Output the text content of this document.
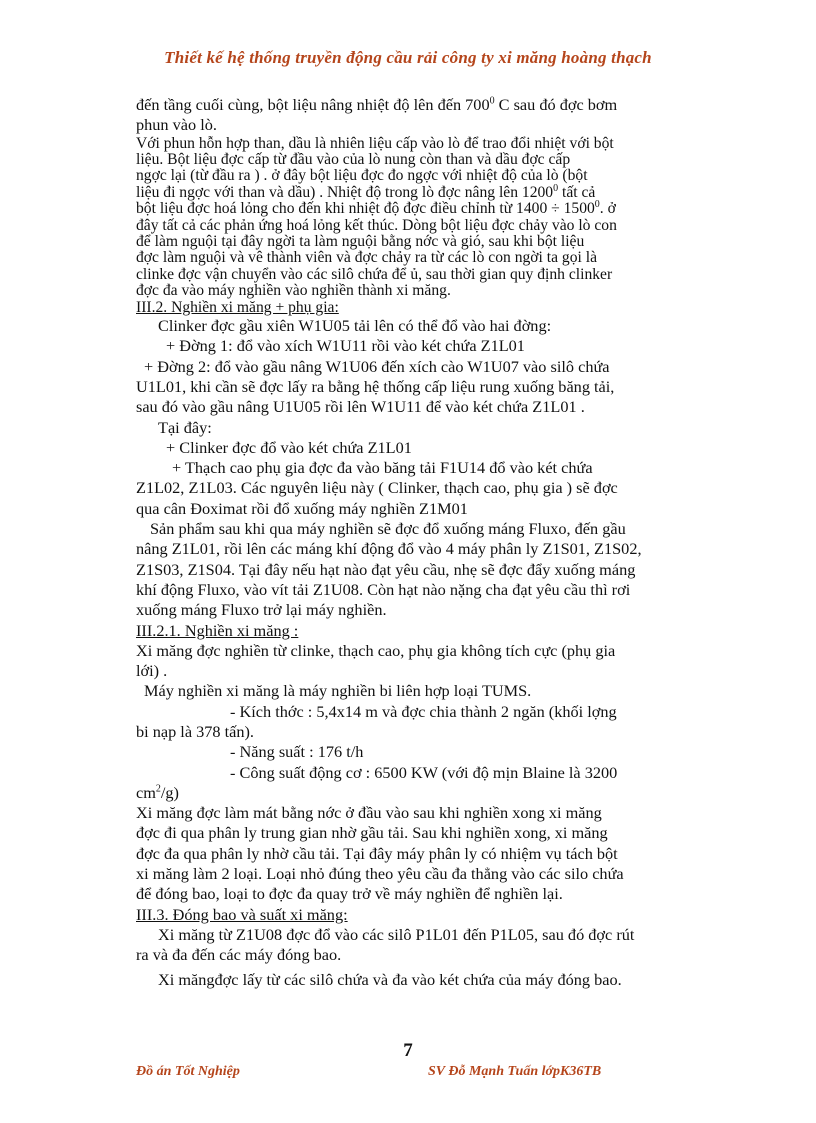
Thiết kế hệ thống truyền động cầu rải công ty xi măng hoàng thạch
đến tầng cuối cùng, bột liệu nâng nhiệt độ lên đến $700^0$ C sau đó đợc bơm
phun vào lò.
Với phun hỗn hợp than, dầu là nhiên liệu cấp vào lò để trao đổi nhiệt với bột
liệu. Bột liệu đợc cấp từ đầu vào của lò nung còn than và dầu đợc cấp
ngợc lại (từ đầu ra ) . ở đây bột liệu đợc đo ngợc với nhiệt độ của lò (bột
liệu đi ngợc với than và dầu) . Nhiệt độ trong lò đợc nâng lên 1200$^0$ tất cả
bột liệu đợc hoá lỏng cho đến khi nhiệt độ đợc điều chỉnh từ $1400 \div 1500^0$. ở
đây tất cả các phản ứng hoá lỏng kết thúc. Dòng bột liệu đợc chảy vào lò con
để làm nguội tại đây ngời ta làm nguội bằng nớc và gió, sau khi bột liệu
đợc làm nguội và vê thành viên và đợc chảy ra từ các lò con ngời ta gọi là
clinke đợc vận chuyển vào các silô chứa để ủ, sau thời gian quy định clinker
đợc đa vào máy nghiền vào nghiền thành xi măng.
III.2. Nghiền xi măng + phụ gia:
Clinker đợc gầu xiên W1U05 tải lên có thể đổ vào hai đờng:
+ Đờng 1: đổ vào xích W1U11 rồi vào két chứa Z1L01
+ Đờng 2: đổ vào gầu nâng W1U06 đến xích cào W1U07 vào silô chứa
U1L01, khi cần sẽ đợc lấy ra bằng hệ thống cấp liệu rung xuống băng tải,
sau đó vào gầu nâng U1U05 rồi lên W1U11 để vào két chứa Z1L01 .
Tại đây:
+ Clinker đợc đổ vào két chứa Z1L01
+ Thạch cao phụ gia đợc đa vào băng tải F1U14 đổ vào két chứa
Z1L02, Z1L03. Các nguyên liệu này ( Clinker, thạch cao, phụ gia ) sẽ đợc
qua cân Đoximat rồi đổ xuống máy nghiền Z1M01
Sản phẩm sau khi qua máy nghiền sẽ đợc đổ xuống máng Fluxo, đến gầu
nâng Z1L01, rồi lên các máng khí động đổ vào 4 máy phân ly Z1S01, Z1S02,
Z1S03, Z1S04. Tại đây nếu hạt nào đạt yêu cầu, nhẹ sẽ đợc đẩy xuống máng
khí động Fluxo, vào vít tải Z1U08. Còn hạt nào nặng cha đạt yêu cầu thì rơi
xuống máng Fluxo trở lại máy nghiền.
III.2.1. Nghiền xi măng :
Xi măng đợc nghiền từ clinke, thạch cao, phụ gia không tích cực (phụ gia
lới) .
Máy nghiền xi măng là máy nghiền bi liên hợp loại TUMS.
- Kích thớc : 5,4x14 m và đợc chia thành 2 ngăn (khối lợng
bi nạp là 378 tấn).
- Năng suất : 176 t/h
- Công suất động cơ : 6500 KW (với độ mịn Blaine là 3200
$cm^2/g$)
Xi măng đợc làm mát bằng nớc ở đầu vào sau khi nghiền xong xi măng
đợc đi qua phân ly trung gian nhờ gầu tải. Sau khi nghiền xong, xi măng
đợc đa qua phân ly nhờ cầu tải. Tại đây máy phân ly có nhiệm vụ tách bột
xi măng làm 2 loại. Loại nhỏ đúng theo yêu cầu đa thẳng vào các silo chứa
để đóng bao, loại to đợc đa quay trở về máy nghiền để nghiền lại.
III.3. Đóng bao và suất xi măng:
Xi măng từ Z1U08 đợc đổ vào các silô P1L01 đến P1L05, sau đó đợc rút
ra và đa đến các máy đóng bao.
Xi măngđợc lấy từ các silô chứa và đa vào két chứa của máy đóng bao.
7
Đồ án Tốt Nghiệp	SV Đỗ Mạnh Tuấn lớpK36TB
